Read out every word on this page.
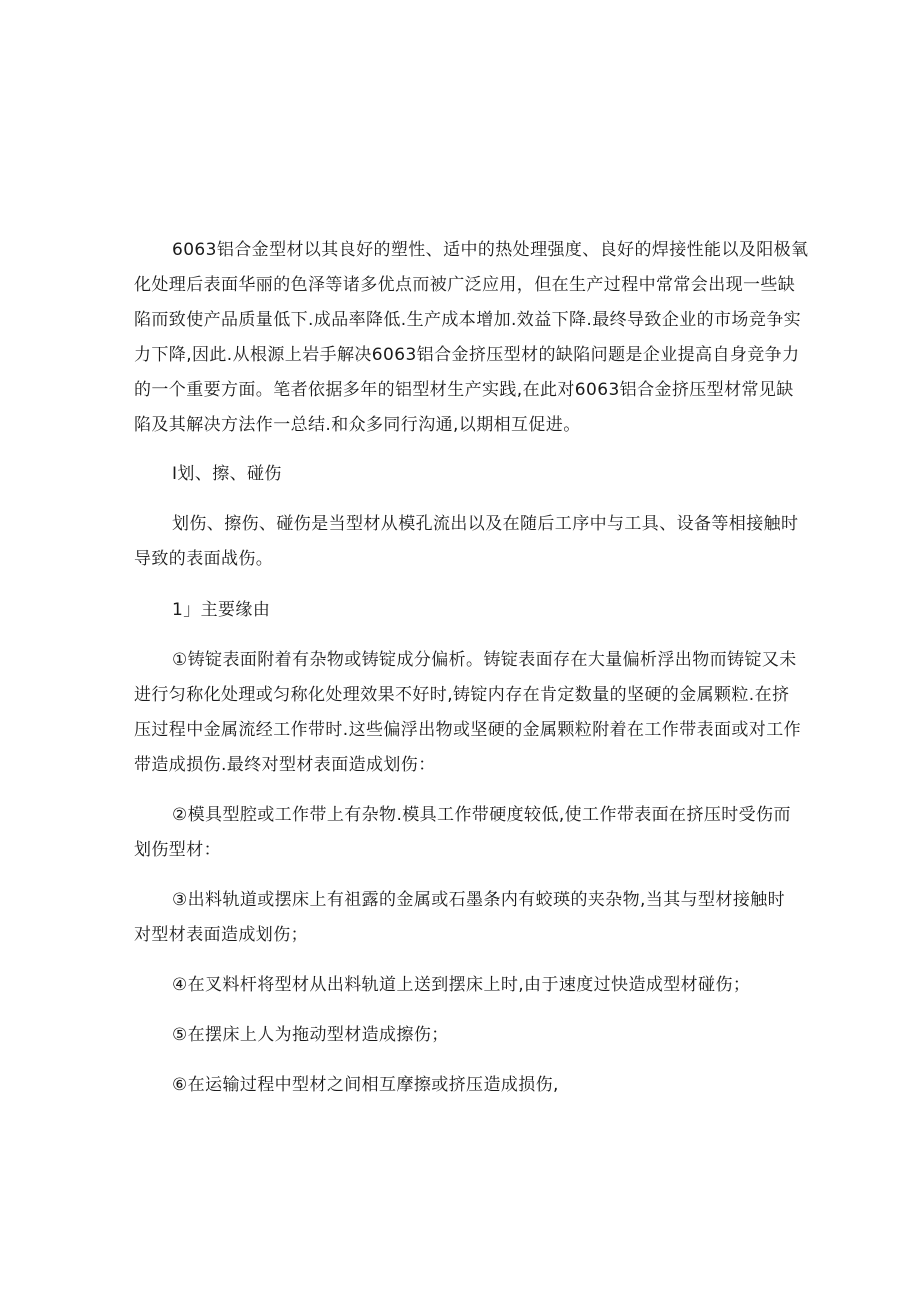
6063铝合金型材以其良好的塑性、适中的热处理强度、良好的焊接性能以及阳极氧

化处理后表面华丽的色泽等诸多优点而被广泛应用，但在生产过程中常常会出现一些缺

陷而致使产品质量低下.成品率降低.生产成本增加.效益下降.最终导致企业的市场竞争实

力下降,因此.从根源上岩手解决6063铝合金挤压型材的缺陷问题是企业提高自身竞争力

的一个重要方面。笔者依据多年的铝型材生产实践,在此对6063铝合金挤压型材常见缺

陷及其解决方法作一总结.和众多同行沟通,以期相互促进。

I划、擦、碰伤

划伤、擦伤、碰伤是当型材从模孔流出以及在随后工序中与工具、设备等相接触时

导致的表面战伤。

1」主要缘由

①铸锭表面附着有杂物或铸锭成分偏析。铸锭表面存在大量偏析浮出物而铸锭又未

进行匀称化处理或匀称化处理效果不好时,铸锭内存在肯定数量的坚硬的金属颗粒.在挤

压过程中金属流经工作带时.这些偏浮出物或坚硬的金属颗粒附着在工作带表面或对工作

带造成损伤.最终对型材表面造成划伤：

②模具型腔或工作带上有杂物.模具工作带硬度较低,使工作带表面在挤压时受伤而

划伤型材：

③出料轨道或摆床上有祖露的金属或石墨条内有蛟瑛的夹杂物,当其与型材接触时

对型材表面造成划伤；

④在叉料杆将型材从出料轨道上送到摆床上时,由于速度过快造成型材碰伤；

⑤在摆床上人为拖动型材造成擦伤；

⑥在运输过程中型材之间相互摩擦或挤压造成损伤,
